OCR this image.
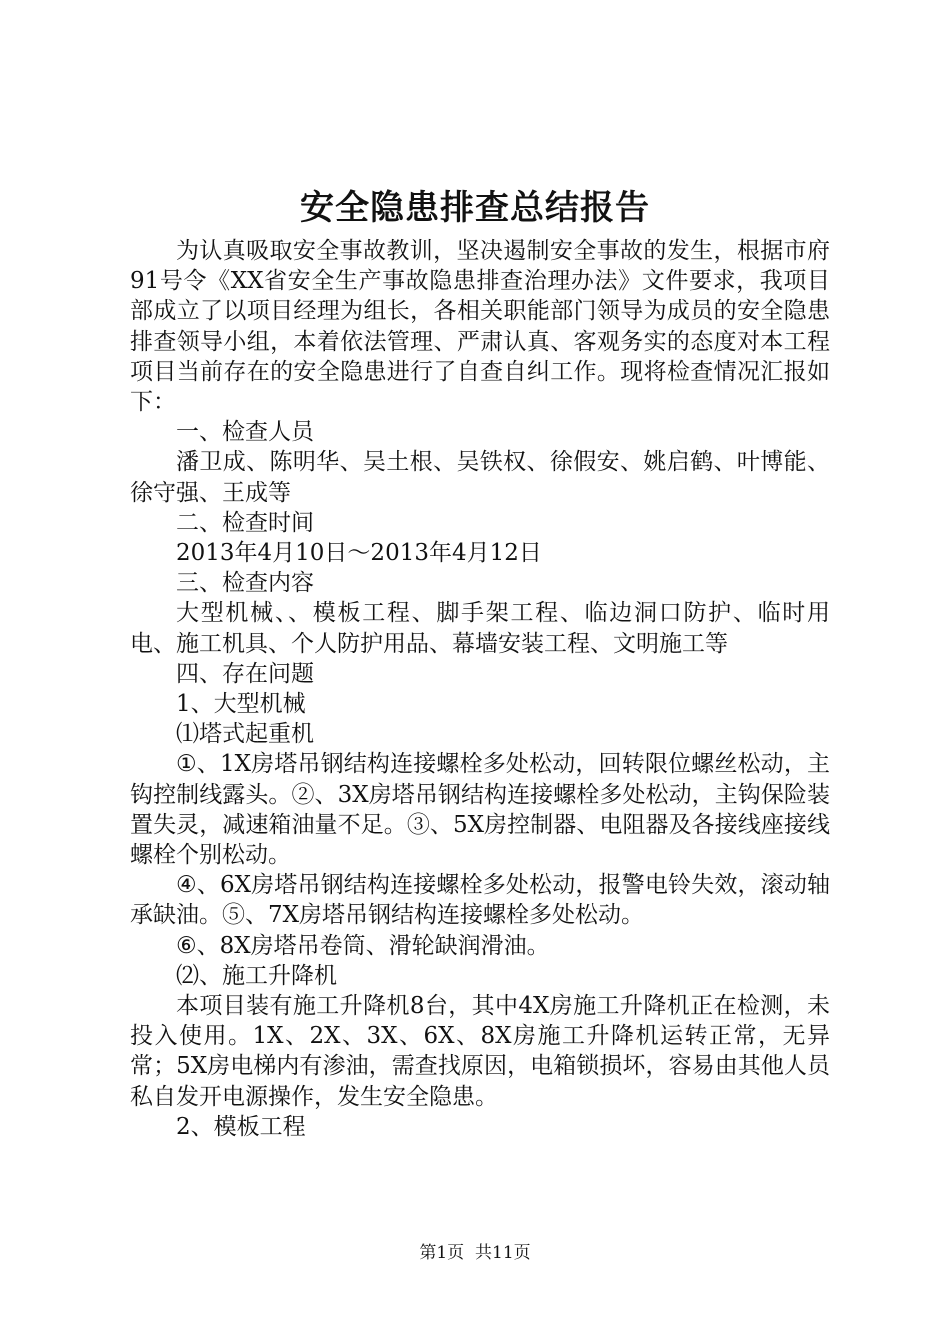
安全隐患排查总结报告

为认真吸取安全事故教训，坚决遏制安全事故的发生，根据市府91号令《XX省安全生产事故隐患排查治理办法》文件要求，我项目部成立了以项目经理为组长，各相关职能部门领导为成员的安全隐患排查领导小组，本着依法管理、严肃认真、客观务实的态度对本工程项目当前存在的安全隐患进行了自查自纠工作。现将检查情况汇报如下：

一、检查人员

潘卫成、陈明华、吴土根、吴铁权、徐假安、姚启鹤、叶博能、徐守强、王成等

二、检查时间

2013年4月10日～2013年4月12日

三、检查内容

大型机械、、模板工程、脚手架工程、临边洞口防护、临时用电、施工机具、个人防护用品、幕墙安装工程、文明施工等

四、存在问题

1、大型机械

⑴塔式起重机

①、1X房塔吊钢结构连接螺栓多处松动，回转限位螺丝松动，主钩控制线露头。②、3X房塔吊钢结构连接螺栓多处松动，主钩保险装置失灵，减速箱油量不足。③、5X房控制器、电阻器及各接线座接线螺栓个别松动。

④、6X房塔吊钢结构连接螺栓多处松动，报警电铃失效，滚动轴承缺油。⑤、7X房塔吊钢结构连接螺栓多处松动。

⑥、8X房塔吊卷筒、滑轮缺润滑油。

⑵、施工升降机

本项目装有施工升降机8台，其中4X房施工升降机正在检测，未投入使用。1X、2X、3X、6X、8X房施工升降机运转正常，无异常；5X房电梯内有渗油，需查找原因，电箱锁损坏，容易由其他人员私自发开电源操作，发生安全隐患。

2、模板工程

第1页 共11页
